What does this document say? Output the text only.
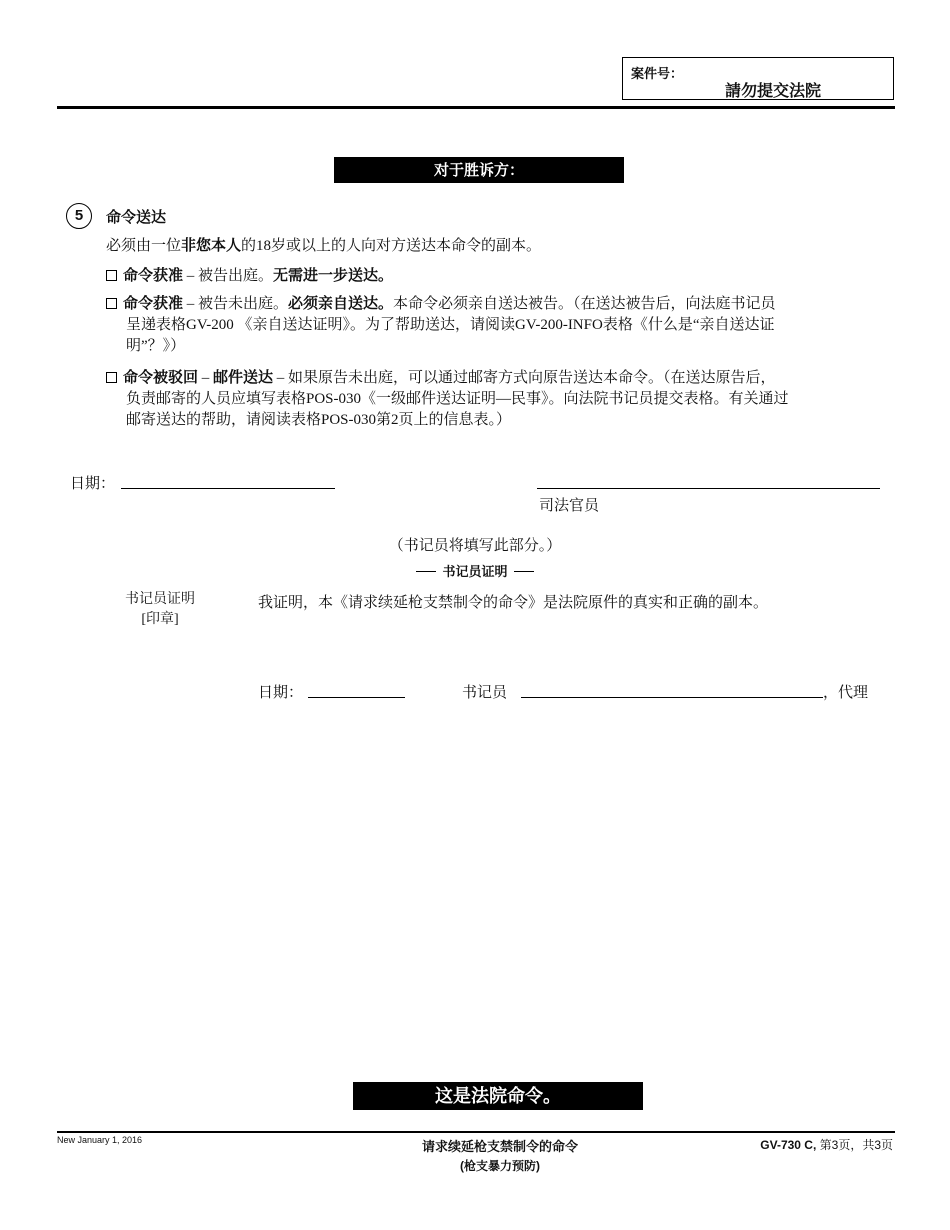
案件号：
請勿提交法院
对于胜诉方：
5	命令送达
必须由一位非您本人的18岁或以上的人向对方送达本命令的副本。
命令获准 – 被告出庭。无需进一步送达。
命令获准 – 被告未出庭。必须亲自送达。本命令必须亲自送达被告。（在送达被告后，向法庭书记员
呈递表格GV-200 《亲自送达证明》。为了帮助送达，请阅读GV-200-INFO表格《什么是“亲自送达证
明”？》）
命令被驳回 – 邮件送达 – 如果原告未出庭，可以通过邮寄方式向原告送达本命令。（在送达原告后，
负责邮寄的人员应填写表格POS-030《一级邮件送达证明—民事》。向法院书记员提交表格。有关通过
邮寄送达的帮助，请阅读表格POS-030第2页上的信息表。）
日期：
司法官员
（书记员将填写此部分。）
书记员证明
书记员证明
[印章]
我证明，本《请求续延枪支禁制令的命令》是法院原件的真实和正确的副本。
日期：	书记员	，代理
这是法院命令。
New January 1, 2016	请求续延枪支禁制令的命令
(枪支暴力预防)
GV-730 C, 第3页，共3页
